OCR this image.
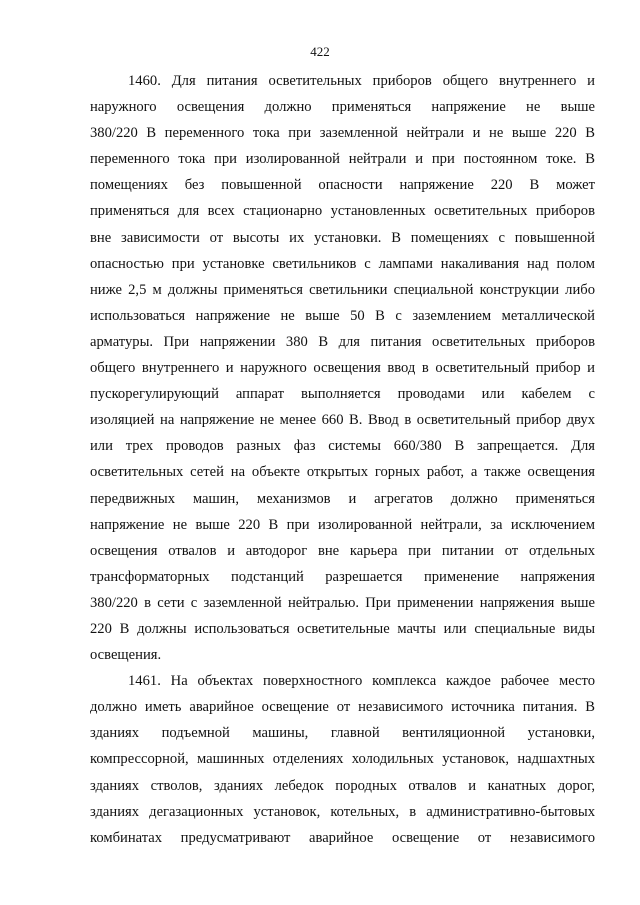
422
1460. Для питания осветительных приборов общего внутреннего и
наружного освещения должно применяться напряжение не выше
380/220 В переменного тока при заземленной нейтрали и не выше 220 В
переменного тока при изолированной нейтрали и при постоянном токе. В
помещениях без повышенной опасности напряжение 220 В может
применяться для всех стационарно установленных осветительных приборов
вне зависимости от высоты их установки. В помещениях с повышенной
опасностью при установке светильников с лампами накаливания над полом
ниже 2,5 м должны применяться светильники специальной конструкции либо
использоваться напряжение не выше 50 В с заземлением металлической
арматуры. При напряжении 380 В для питания осветительных приборов
общего внутреннего и наружного освещения ввод в осветительный прибор и
пускорегулирующий аппарат выполняется проводами или кабелем с
изоляцией на напряжение не менее 660 В. Ввод в осветительный прибор двух
или трех проводов разных фаз системы 660/380 В запрещается. Для
осветительных сетей на объекте открытых горных работ, а также освещения
передвижных машин, механизмов и агрегатов должно применяться
напряжение не выше 220 В при изолированной нейтрали, за исключением
освещения отвалов и автодорог вне карьера при питании от отдельных
трансформаторных подстанций разрешается применение напряжения
380/220 в сети с заземленной нейтралью. При применении напряжения выше
220 В должны использоваться осветительные мачты или специальные виды
освещения.
1461. На объектах поверхностного комплекса каждое рабочее место
должно иметь аварийное освещение от независимого источника питания. В
зданиях подъемной машины, главной вентиляционной установки,
компрессорной, машинных отделениях холодильных установок, надшахтных
зданиях стволов, зданиях лебедок породных отвалов и канатных дорог,
зданиях дегазационных установок, котельных, в административно-бытовых
комбинатах предусматривают аварийное освещение от независимого
